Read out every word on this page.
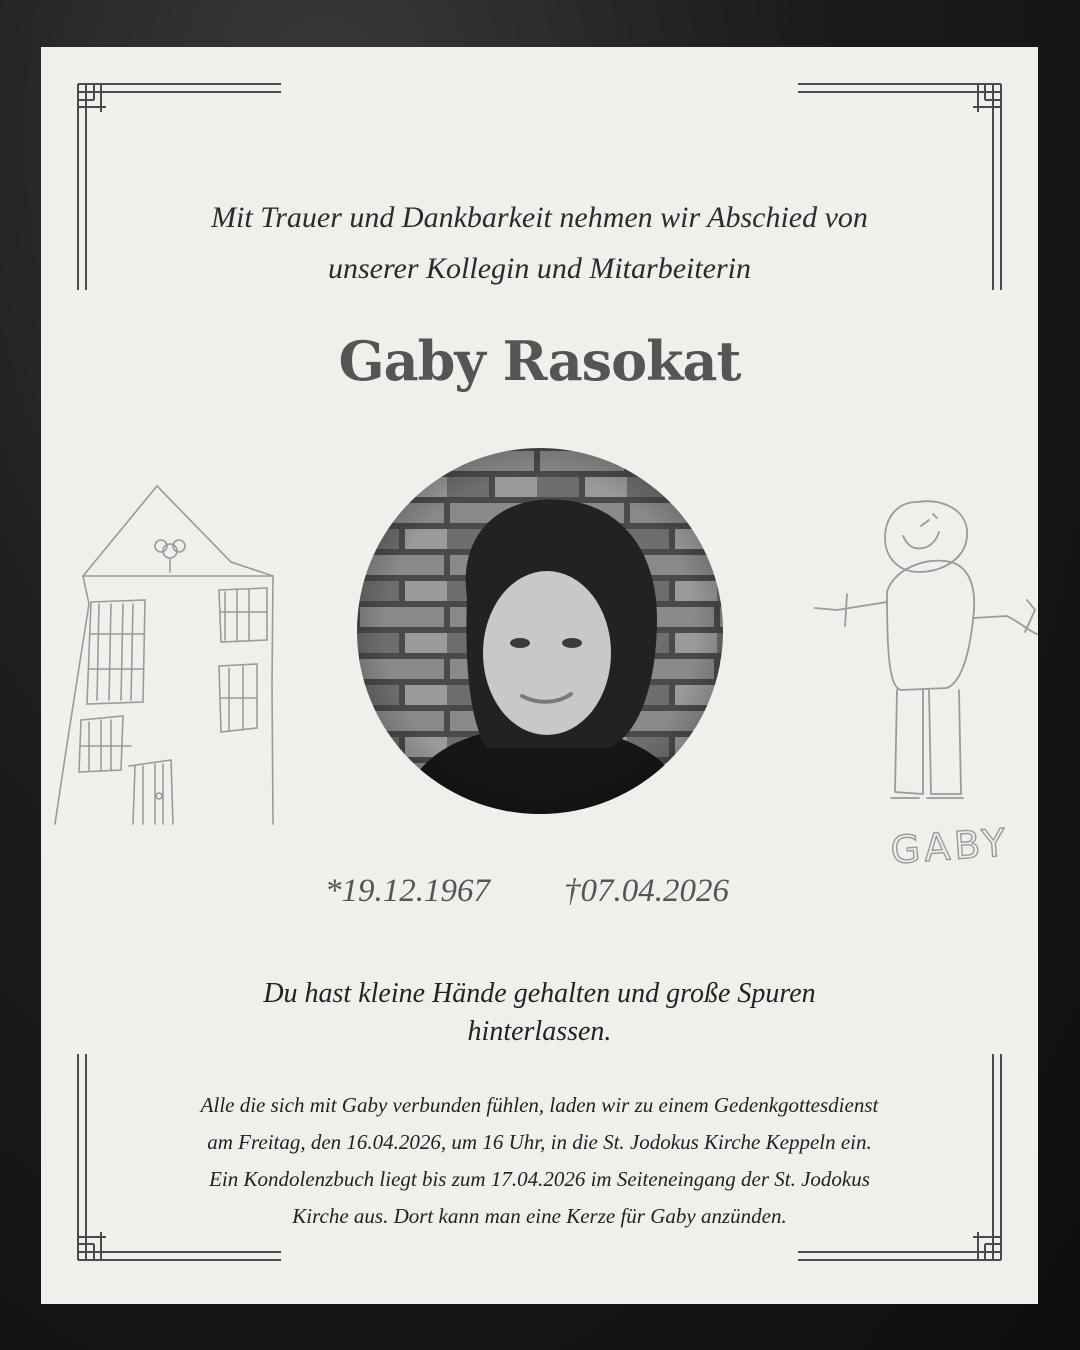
Mit Trauer und Dankbarkeit nehmen wir Abschied von
unserer Kollegin und Mitarbeiterin
Gaby Rasokat
GABY
*19.12.1967 †07.04.2026
Du hast kleine Hände gehalten und große Spuren
hinterlassen.
Alle die sich mit Gaby verbunden fühlen, laden wir zu einem Gedenkgottesdienst
am Freitag, den 16.04.2026, um 16 Uhr, in die St. Jodokus Kirche Keppeln ein.
Ein Kondolenzbuch liegt bis zum 17.04.2026 im Seiteneingang der St. Jodokus
Kirche aus. Dort kann man eine Kerze für Gaby anzünden.
